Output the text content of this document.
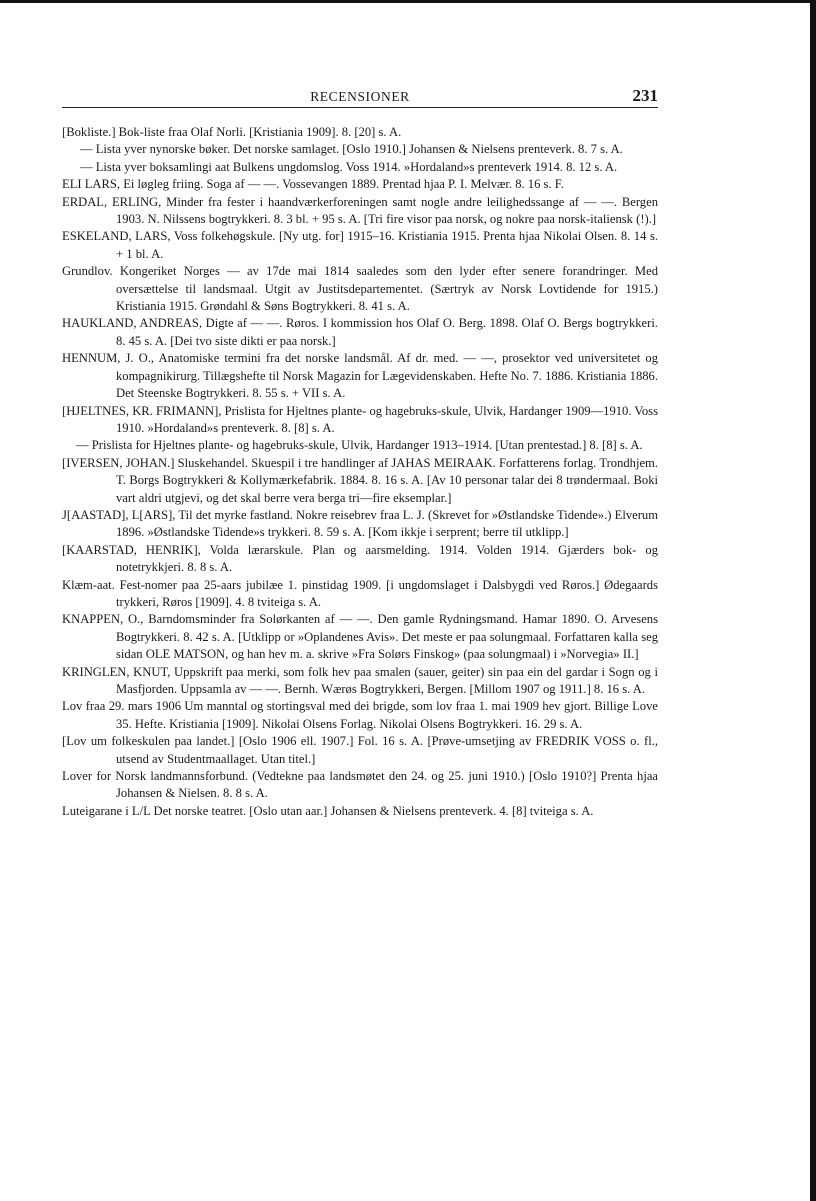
RECENSIONER	231
[Bokliste.] Bok-liste fraa Olaf Norli. [Kristiania 1909]. 8. [20] s. A.
— Lista yver nynorske bøker. Det norske samlaget. [Oslo 1910.] Johansen & Nielsens prenteverk. 8. 7 s. A.
— Lista yver boksamlingi aat Bulkens ungdomslog. Voss 1914. »Hordaland»s prenteverk 1914. 8. 12 s. A.
ELI LARS, Ei løgleg friing. Soga af — —. Vossevangen 1889. Prentad hjaa P. I. Melvær. 8. 16 s. F.
ERDAL, ERLING, Minder fra fester i haandværkerforeningen samt nogle andre leilighedssange af — —. Bergen 1903. N. Nilssens bogtrykkeri. 8. 3 bl. + 95 s. A. [Tri fire visor paa norsk, og nokre paa norsk-italiensk (!).]
ESKELAND, LARS, Voss folkehøgskule. [Ny utg. for] 1915–16. Kristiania 1915. Prenta hjaa Nikolai Olsen. 8. 14 s. + 1 bl. A.
Grundlov. Kongeriket Norges — av 17de mai 1814 saaledes som den lyder efter senere forandringer. Med oversættelse til landsmaal. Utgit av Justitsdepartementet. (Særtryk av Norsk Lovtidende for 1915.) Kristiania 1915. Grøndahl & Søns Bogtrykkeri. 8. 41 s. A.
HAUKLAND, ANDREAS, Digte af — —. Røros. I kommission hos Olaf O. Berg. 1898. Olaf O. Bergs bogtrykkeri. 8. 45 s. A. [Dei tvo siste dikti er paa norsk.]
HENNUM, J. O., Anatomiske termini fra det norske landsmål. Af dr. med. — —, prosektor ved universitetet og kompagnikirurg. Tillægshefte til Norsk Magazin for Lægevidenskaben. Hefte No. 7. 1886. Kristiania 1886. Det Steenske Bogtrykkeri. 8. 55 s. + VII s. A.
[HJELTNES, KR. FRIMANN], Prislista for Hjeltnes plante- og hagebruks-skule, Ulvik, Hardanger 1909—1910. Voss 1910. »Hordaland»s prenteverk. 8. [8] s. A.
— Prislista for Hjeltnes plante- og hagebruks-skule, Ulvik, Hardanger 1913–1914. [Utan prentestad.] 8. [8] s. A.
[IVERSEN, JOHAN.] Sluskehandel. Skuespil i tre handlinger af JAHAS MEIRAAK. Forfatterens forlag. Trondhjem. T. Borgs Bogtrykkeri & Kollymærkefabrik. 1884. 8. 16 s. A. [Av 10 personar talar dei 8 trøndermaal. Boki vart aldri utgjevi, og det skal berre vera berga tri—fire eksemplar.]
J[AASTAD], L[ARS], Til det myrke fastland. Nokre reisebrev fraa L. J. (Skrevet for »Østlandske Tidende».) Elverum 1896. »Østlandske Tidende»s trykkeri. 8. 59 s. A. [Kom ikkje i serprent; berre til utklipp.]
[KAARSTAD, HENRIK], Volda lærarskule. Plan og aarsmelding. 1914. Volden 1914. Gjærders bok- og notetrykkjeri. 8. 8 s. A.
Klæm-aat. Fest-nomer paa 25-aars jubilæe 1. pinstidag 1909. [i ungdomslaget i Dalsbygdi ved Røros.] Ødegaards trykkeri, Røros [1909]. 4. 8 tviteiga s. A.
KNAPPEN, O., Barndomsminder fra Solørkanten af — —. Den gamle Rydningsmand. Hamar 1890. O. Arvesens Bogtrykkeri. 8. 42 s. A. [Utklipp or »Oplandenes Avis». Det meste er paa solungmaal. Forfattaren kalla seg sidan OLE MATSON, og han hev m. a. skrive »Fra Solørs Finskog» (paa solungmaal) i »Norvegia» II.]
KRINGLEN, KNUT, Uppskrift paa merki, som folk hev paa smalen (sauer, geiter) sin paa ein del gardar i Sogn og i Masfjorden. Uppsamla av — —. Bernh. Wærøs Bogtrykkeri, Bergen. [Millom 1907 og 1911.] 8. 16 s. A.
Lov fraa 29. mars 1906 Um manntal og stortingsval med dei brigde, som lov fraa 1. mai 1909 hev gjort. Billige Love 35. Hefte. Kristiania [1909]. Nikolai Olsens Forlag. Nikolai Olsens Bogtrykkeri. 16. 29 s. A.
[Lov um folkeskulen paa landet.] [Oslo 1906 ell. 1907.] Fol. 16 s. A. [Prøve-umsetjing av FREDRIK VOSS o. fl., utsend av Studentmaallaget. Utan titel.]
Lover for Norsk landmannsforbund. (Vedtekne paa landsmøtet den 24. og 25. juni 1910.) [Oslo 1910?] Prenta hjaa Johansen & Nielsen. 8. 8 s. A.
Luteigarane i L/L Det norske teatret. [Oslo utan aar.] Johansen & Nielsens prenteverk. 4. [8] tviteiga s. A.
